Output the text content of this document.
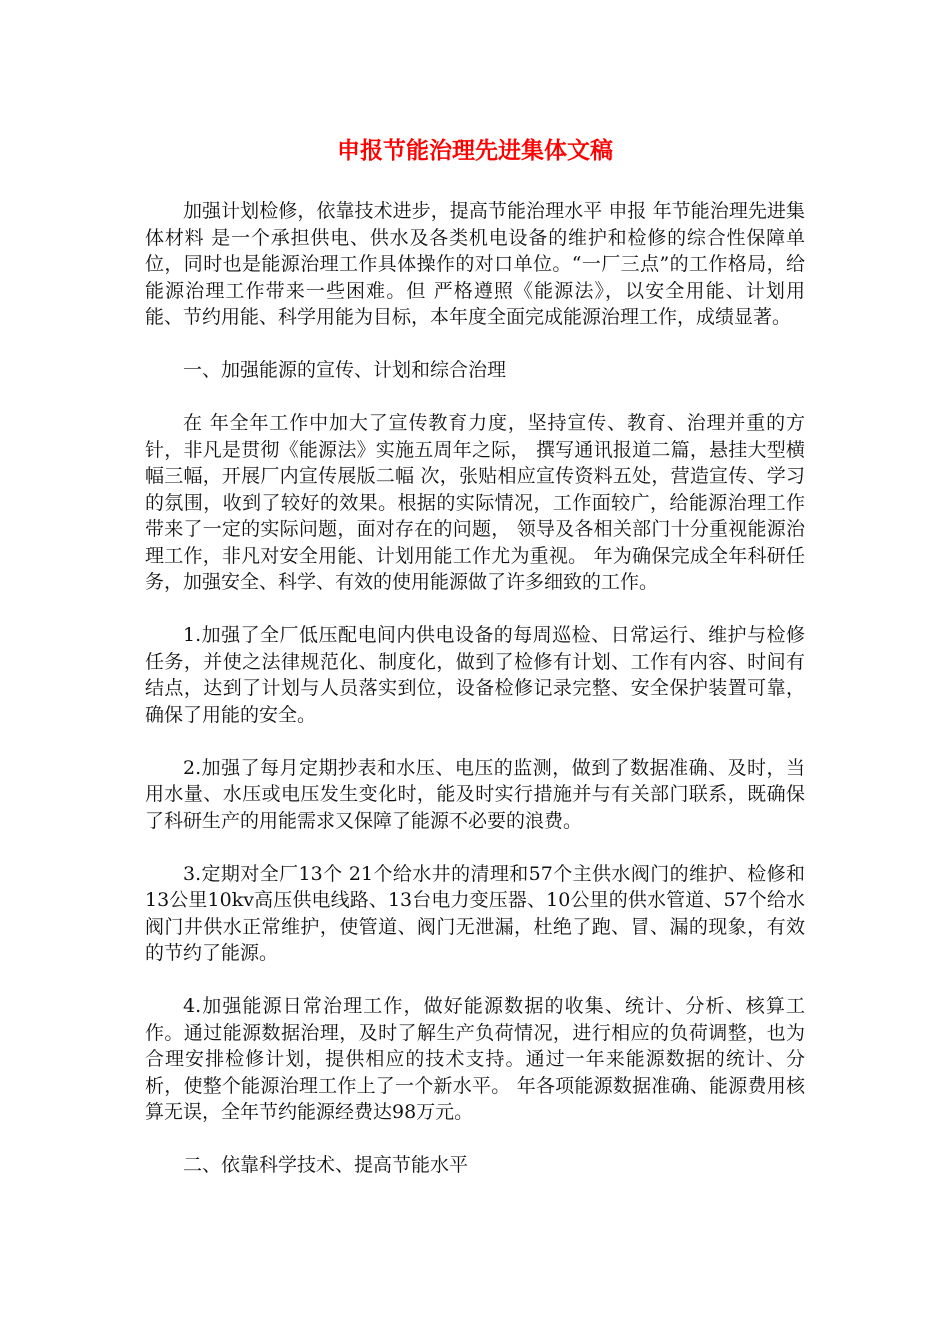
申报节能治理先进集体文稿

加强计划检修，依靠技术进步，提高节能治理水平 申报 年节能治理先进集体材料 是一个承担供电、供水及各类机电设备的维护和检修的综合性保障单位，同时也是能源治理工作具体操作的对口单位。“一厂三点”的工作格局，给能源治理工作带来一些困难。但 严格遵照《能源法》，以安全用能、计划用能、节约用能、科学用能为目标，本年度全面完成能源治理工作，成绩显著。

一、加强能源的宣传、计划和综合治理

在 年全年工作中加大了宣传教育力度，坚持宣传、教育、治理并重的方针，非凡是贯彻《能源法》实施五周年之际， 撰写通讯报道二篇，悬挂大型横幅三幅，开展厂内宣传展版二幅 次，张贴相应宣传资料五处，营造宣传、学习的氛围，收到了较好的效果。根据的实际情况，工作面较广，给能源治理工作带来了一定的实际问题，面对存在的问题， 领导及各相关部门十分重视能源治理工作，非凡对安全用能、计划用能工作尤为重视。 年为确保完成全年科研任务，加强安全、科学、有效的使用能源做了许多细致的工作。

1.加强了全厂低压配电间内供电设备的每周巡检、日常运行、维护与检修任务，并使之法律规范化、制度化，做到了检修有计划、工作有内容、时间有结点，达到了计划与人员落实到位，设备检修记录完整、安全保护装置可靠，确保了用能的安全。

2.加强了每月定期抄表和水压、电压的监测，做到了数据准确、及时，当用水量、水压或电压发生变化时，能及时实行措施并与有关部门联系，既确保了科研生产的用能需求又保障了能源不必要的浪费。

3.定期对全厂13个 21个给水井的清理和57个主供水阀门的维护、检修和13公里10kv高压供电线路、13台电力变压器、10公里的供水管道、57个给水阀门井供水正常维护，使管道、阀门无泄漏，杜绝了跑、冒、漏的现象，有效的节约了能源。

4.加强能源日常治理工作，做好能源数据的收集、统计、分析、核算工作。通过能源数据治理，及时了解生产负荷情况，进行相应的负荷调整，也为合理安排检修计划，提供相应的技术支持。通过一年来能源数据的统计、分析，使整个能源治理工作上了一个新水平。 年各项能源数据准确、能源费用核算无误，全年节约能源经费达98万元。

二、依靠科学技术、提高节能水平
